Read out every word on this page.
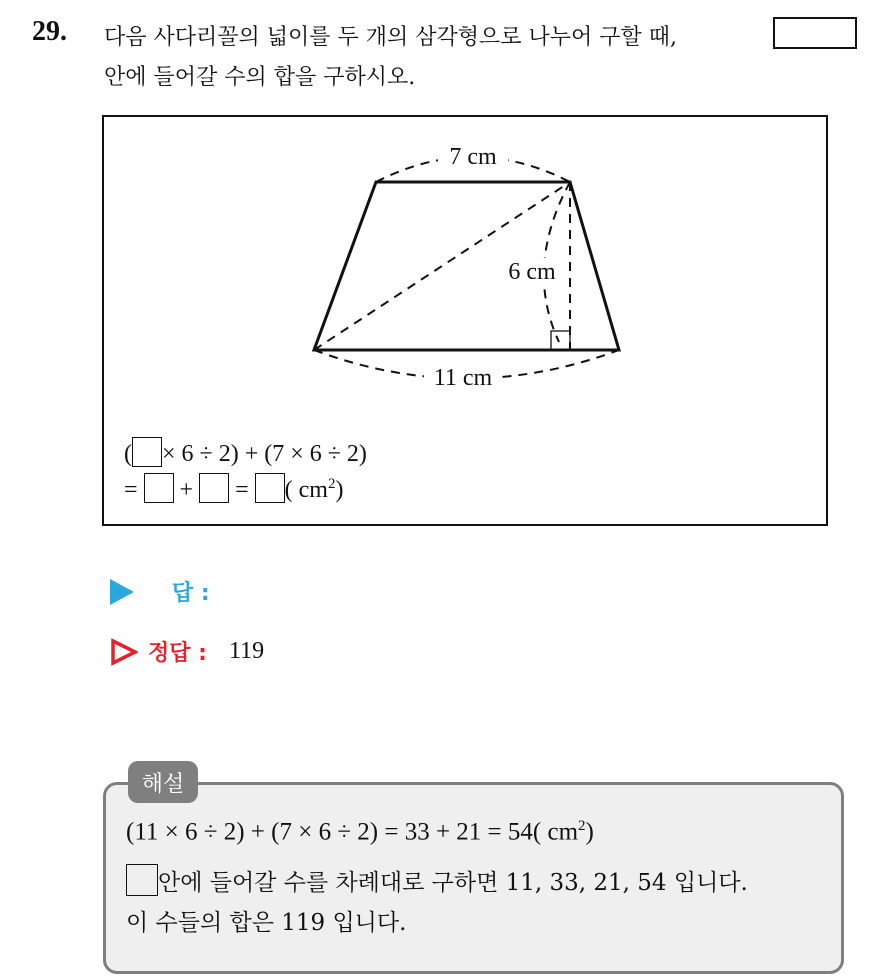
29. 다음 사다리꼴의 넓이를 두 개의 삼각형으로 나누어 구할 때,
안에 들어갈 수의 합을 구하시오.
7 cm
6 cm
11 cm
( × 6 ÷ 2) + (7 × 6 ÷ 2)
= + = ( $cm^2$)
답 :
정답 : 119
해설
(11 × 6 ÷ 2) + (7 × 6 ÷ 2) = 33 + 21 = 54( $cm^2$)
안에 들어갈 수를 차례대로 구하면 11, 33, 21, 54 입니다.
이 수들의 합은 119 입니다.
